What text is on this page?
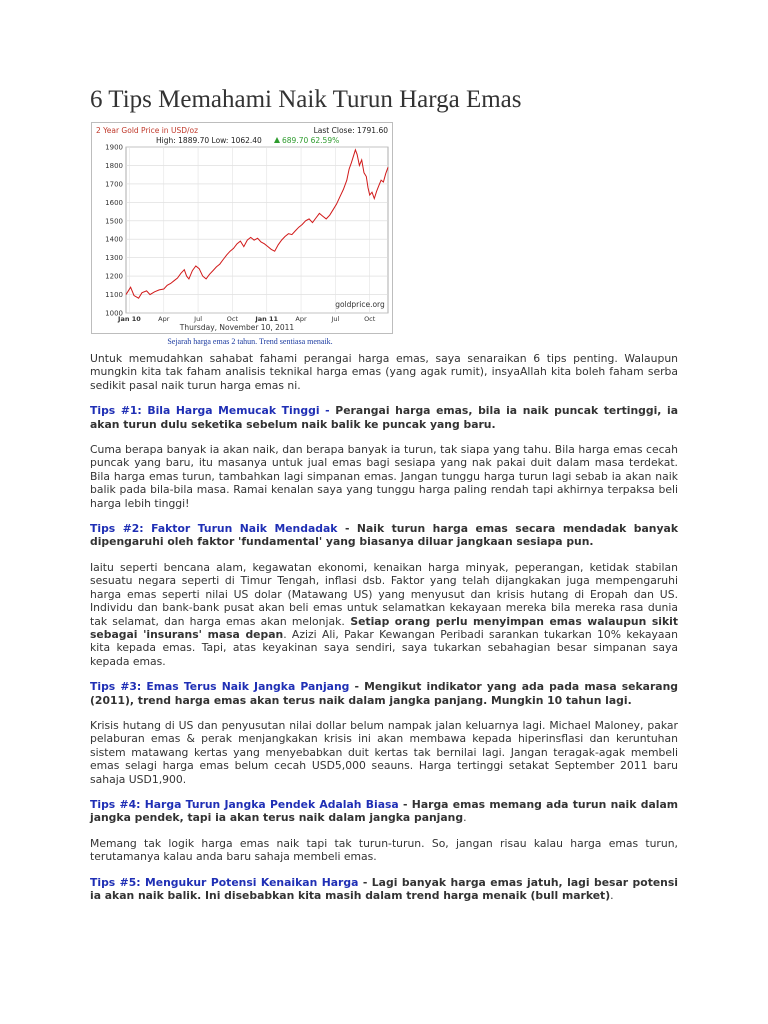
6 Tips Memahami Naik Turun Harga Emas
2 Year Gold Price in USD/oz	Last Close: 1791.60
High: 1889.70 Low: 1062.40	689.70 62.59%
1900
1800
1700
1600
1500
1400
1300
1200
1100
1000
Jan 10	Apr	Jul	Oct	Jan 11	Apr	Jul	Oct
goldprice.org
Thursday, November 10, 2011
Sejarah harga emas 2 tahun. Trend sentiasa menaik.

Untuk memudahkan sahabat fahami perangai harga emas, saya senaraikan 6 tips penting. Walaupun mungkin kita tak faham analisis teknikal harga emas (yang agak rumit), insyaAllah kita boleh faham serba sedikit pasal naik turun harga emas ni.

Tips #1: Bila Harga Memucak Tinggi - Perangai harga emas, bila ia naik puncak tertinggi, ia akan turun dulu seketika sebelum naik balik ke puncak yang baru.

Cuma berapa banyak ia akan naik, dan berapa banyak ia turun, tak siapa yang tahu. Bila harga emas cecah puncak yang baru, itu masanya untuk jual emas bagi sesiapa yang nak pakai duit dalam masa terdekat. Bila harga emas turun, tambahkan lagi simpanan emas. Jangan tunggu harga turun lagi sebab ia akan naik balik pada bila-bila masa. Ramai kenalan saya yang tunggu harga paling rendah tapi akhirnya terpaksa beli harga lebih tinggi!

Tips #2: Faktor Turun Naik Mendadak - Naik turun harga emas secara mendadak banyak dipengaruhi oleh faktor 'fundamental' yang biasanya diluar jangkaan sesiapa pun.

Iaitu seperti bencana alam, kegawatan ekonomi, kenaikan harga minyak, peperangan, ketidak stabilan sesuatu negara seperti di Timur Tengah, inflasi dsb. Faktor yang telah dijangkakan juga mempengaruhi harga emas seperti nilai US dolar (Matawang US) yang menyusut dan krisis hutang di Eropah dan US. Individu dan bank-bank pusat akan beli emas untuk selamatkan kekayaan mereka bila mereka rasa dunia tak selamat, dan harga emas akan melonjak. Setiap orang perlu menyimpan emas walaupun sikit sebagai 'insurans' masa depan. Azizi Ali, Pakar Kewangan Peribadi sarankan tukarkan 10% kekayaan kita kepada emas. Tapi, atas keyakinan saya sendiri, saya tukarkan sebahagian besar simpanan saya kepada emas.

Tips #3: Emas Terus Naik Jangka Panjang - Mengikut indikator yang ada pada masa sekarang (2011), trend harga emas akan terus naik dalam jangka panjang. Mungkin 10 tahun lagi.

Krisis hutang di US dan penyusutan nilai dollar belum nampak jalan keluarnya lagi. Michael Maloney, pakar pelaburan emas & perak menjangkakan krisis ini akan membawa kepada hiperinsflasi dan keruntuhan sistem matawang kertas yang menyebabkan duit kertas tak bernilai lagi. Jangan teragak-agak membeli emas selagi harga emas belum cecah USD5,000 seauns. Harga tertinggi setakat September 2011 baru sahaja USD1,900.

Tips #4: Harga Turun Jangka Pendek Adalah Biasa - Harga emas memang ada turun naik dalam jangka pendek, tapi ia akan terus naik dalam jangka panjang.

Memang tak logik harga emas naik tapi tak turun-turun. So, jangan risau kalau harga emas turun, terutamanya kalau anda baru sahaja membeli emas.

Tips #5: Mengukur Potensi Kenaikan Harga - Lagi banyak harga emas jatuh, lagi besar potensi ia akan naik balik. Ini disebabkan kita masih dalam trend harga menaik (bull market).
